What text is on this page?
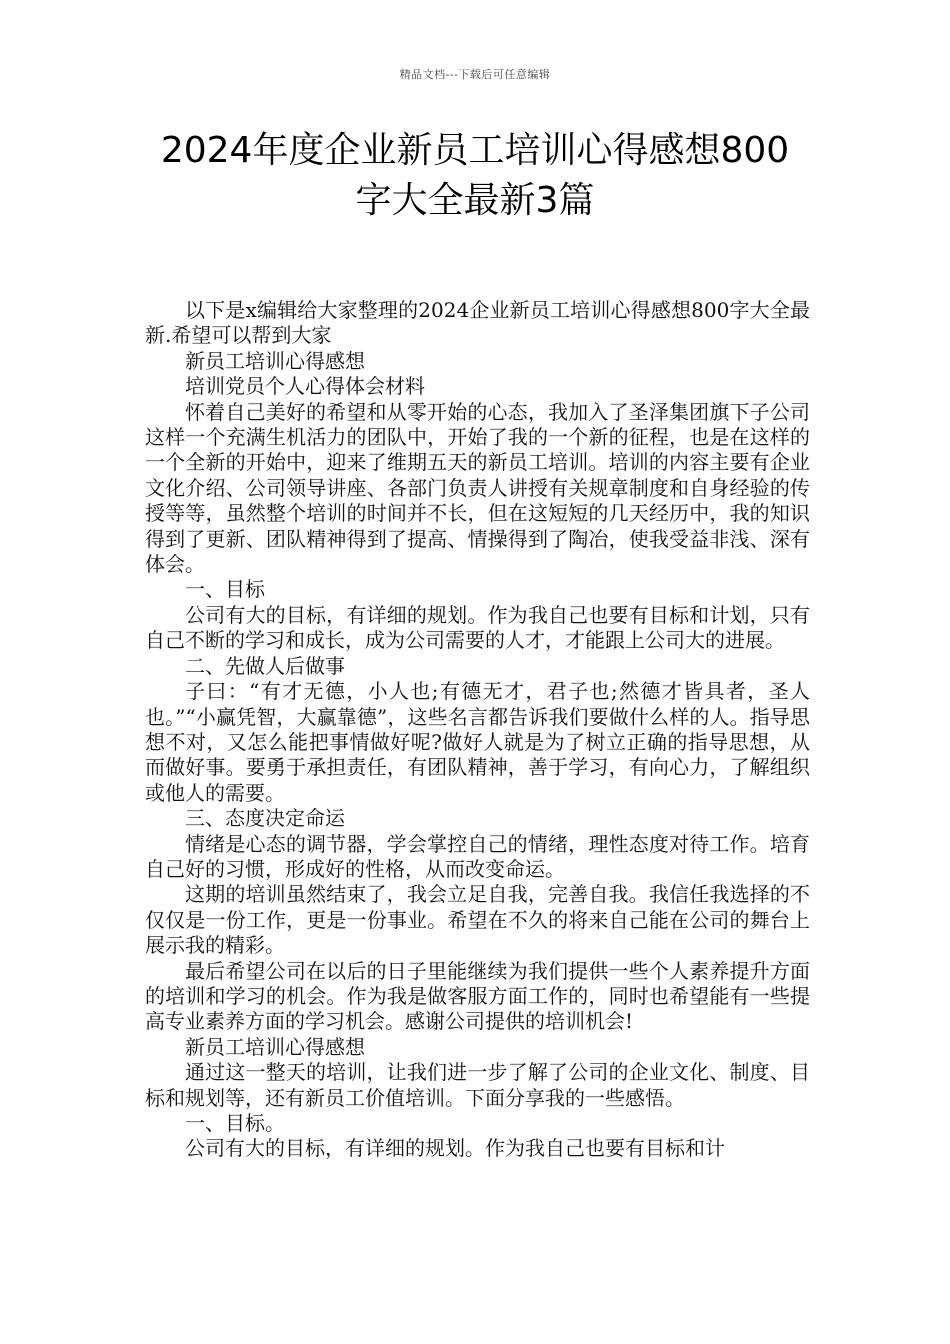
精品文档---下载后可任意编辑
2024年度企业新员工培训心得感想800
字大全最新3篇

以下是x编辑给大家整理的2024企业新员工培训心得感想800字大全最新.希望可以帮到大家

新员工培训心得感想

培训党员个人心得体会材料

怀着自己美好的希望和从零开始的心态，我加入了圣泽集团旗下子公司这样一个充满生机活力的团队中，开始了我的一个新的征程，也是在这样的一个全新的开始中，迎来了维期五天的新员工培训。培训的内容主要有企业文化介绍、公司领导讲座、各部门负责人讲授有关规章制度和自身经验的传授等等，虽然整个培训的时间并不长，但在这短短的几天经历中，我的知识得到了更新、团队精神得到了提高、情操得到了陶冶，使我受益非浅、深有体会。

一、目标

公司有大的目标，有详细的规划。作为我自己也要有目标和计划，只有自己不断的学习和成长，成为公司需要的人才，才能跟上公司大的进展。

二、先做人后做事

子曰：“有才无德，小人也;有德无才，君子也;然德才皆具者，圣人也。”“小赢凭智，大赢靠德”，这些名言都告诉我们要做什么样的人。指导思想不对，又怎么能把事情做好呢?做好人就是为了树立正确的指导思想，从而做好事。要勇于承担责任，有团队精神，善于学习，有向心力，了解组织或他人的需要。

三、态度决定命运

情绪是心态的调节器，学会掌控自己的情绪，理性态度对待工作。培育自己好的习惯，形成好的性格，从而改变命运。

这期的培训虽然结束了，我会立足自我，完善自我。我信任我选择的不仅仅是一份工作，更是一份事业。希望在不久的将来自己能在公司的舞台上展示我的精彩。

最后希望公司在以后的日子里能继续为我们提供一些个人素养提升方面的培训和学习的机会。作为我是做客服方面工作的，同时也希望能有一些提高专业素养方面的学习机会。感谢公司提供的培训机会!

新员工培训心得感想

通过这一整天的培训，让我们进一步了解了公司的企业文化、制度、目标和规划等，还有新员工价值培训。下面分享我的一些感悟。

一、目标。

公司有大的目标，有详细的规划。作为我自己也要有目标和计
